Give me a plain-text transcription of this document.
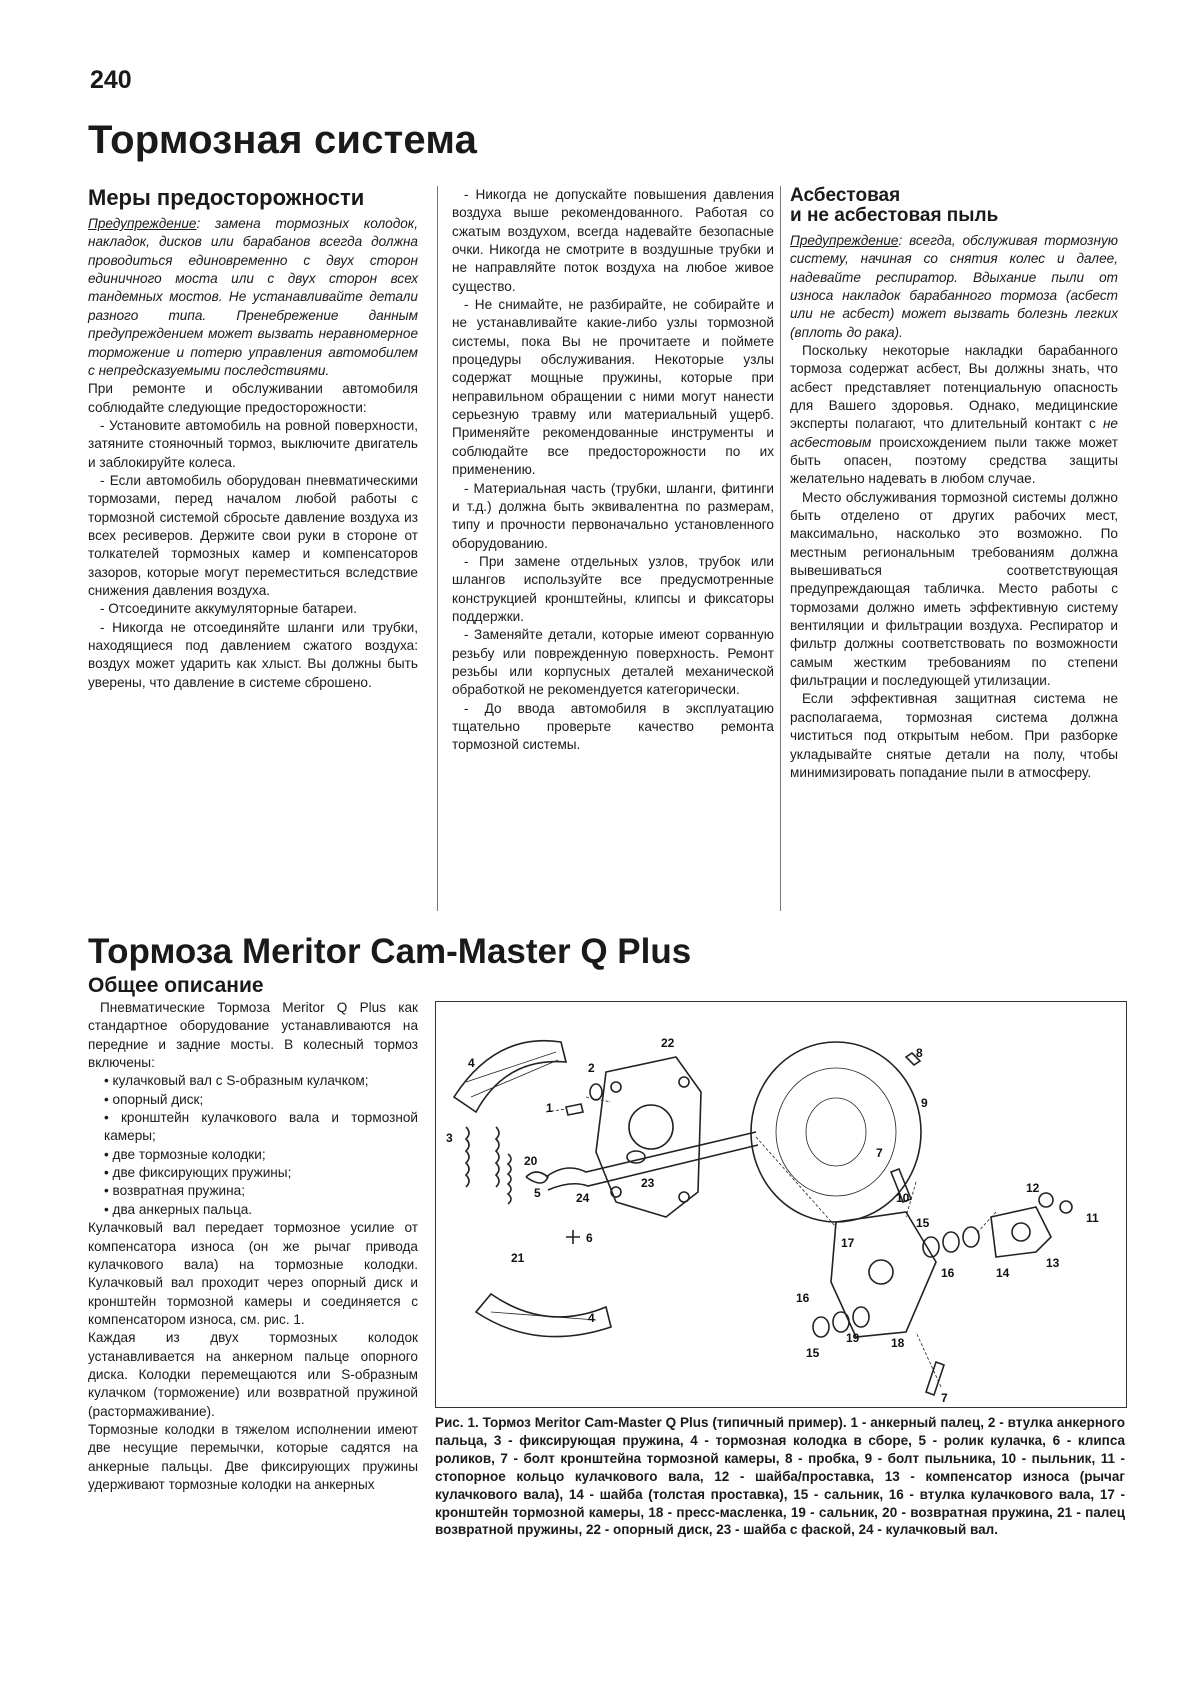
240
Тормозная система
Меры предосторожности

Предупреждение: замена тормозных колодок, накладок, дисков или барабанов всегда должна проводиться единовременно с двух сторон единичного моста или с двух сторон всех тандемных мостов. Не устанавливайте детали разного типа. Пренебрежение данным предупреждением может вызвать неравномерное торможение и потерю управления автомобилем с непредсказуемыми последствиями.

При ремонте и обслуживании автомобиля соблюдайте следующие предосторожности:

- Установите автомобиль на ровной поверхности, затяните стояночный тормоз, выключите двигатель и заблокируйте колеса.

- Если автомобиль оборудован пневматическими тормозами, перед началом любой работы с тормозной системой сбросьте давление воздуха из всех ресиверов. Держите свои руки в стороне от толкателей тормозных камер и компенсаторов зазоров, которые могут переместиться вследствие снижения давления воздуха.

- Отсоедините аккумуляторные батареи.

- Никогда не отсоединяйте шланги или трубки, находящиеся под давлением сжатого воздуха: воздух может ударить как хлыст. Вы должны быть уверены, что давление в системе сброшено.

- Никогда не допускайте повышения давления воздуха выше рекомендованного. Работая со сжатым воздухом, всегда надевайте безопасные очки. Никогда не смотрите в воздушные трубки и не направляйте поток воздуха на любое живое существо.

- Не снимайте, не разбирайте, не собирайте и не устанавливайте какие-либо узлы тормозной системы, пока Вы не прочитаете и поймете процедуры обслуживания. Некоторые узлы содержат мощные пружины, которые при неправильном обращении с ними могут нанести серьезную травму или материальный ущерб. Применяйте рекомендованные инструменты и соблюдайте все предосторожности по их применению.

- Материальная часть (трубки, шланги, фитинги и т.д.) должна быть эквивалентна по размерам, типу и прочности первоначально установленного оборудованию.

- При замене отдельных узлов, трубок или шлангов используйте все предусмотренные конструкцией кронштейны, клипсы и фиксаторы поддержки.

- Заменяйте детали, которые имеют сорванную резьбу или поврежденную поверхность. Ремонт резьбы или корпусных деталей механической обработкой не рекомендуется категорически.

- До ввода автомобиля в эксплуатацию тщательно проверьте качество ремонта тормозной системы.

Асбестовая
и не асбестовая пыль

Предупреждение: всегда, обслуживая тормозную систему, начиная со снятия колес и далее, надевайте респиратор. Вдыхание пыли от износа накладок барабанного тормоза (асбест или не асбест) может вызвать болезнь легких (вплоть до рака).

Поскольку некоторые накладки барабанного тормоза содержат асбест, Вы должны знать, что асбест представляет потенциальную опасность для Вашего здоровья. Однако, медицинские эксперты полагают, что длительный контакт с не асбестовым происхождением пыли также может быть опасен, поэтому средства защиты желательно надевать в любом случае.

Место обслуживания тормозной системы должно быть отделено от других рабочих мест, максимально, насколько это возможно. По местным региональным требованиям должна вывешиваться соответствующая предупреждающая табличка. Место работы с тормозами должно иметь эффективную систему вентиляции и фильтрации воздуха. Респиратор и фильтр должны соответствовать по возможности самым жестким требованиям по степени фильтрации и последующей утилизации.

Если эффективная защитная система не располагаема, тормозная система должна чиститься под открытым небом. При разборке укладывайте снятые детали на полу, чтобы минимизировать попадание пыли в атмосферу.

Тормоза Meritor Cam-Master Q Plus
Общее описание

Пневматические Тормоза Meritor Q Plus как стандартное оборудование устанавливаются на передние и задние мосты. В колесный тормоз включены:

• кулачковый вал с S-образным кулачком;

• опорный диск;

• кронштейн кулачкового вала и тормозной камеры;

• две тормозные колодки;

• две фиксирующих пружины;

• возвратная пружина;

• два анкерных пальца.

Кулачковый вал передает тормозное усилие от компенсатора износа (он же рычаг привода кулачкового вала) на тормозные колодки. Кулачковый вал проходит через опорный диск и кронштейн тормозной камеры и соединяется с компенсатором износа, см. рис. 1.

Каждая из двух тормозных колодок устанавливается на анкерном пальце опорного диска. Колодки перемещаются или S-образным кулачком (торможение) или возвратной пружиной (растормаживание).

Тормозные колодки в тяжелом исполнении имеют две несущие перемычки, которые садятся на анкерные пальцы. Две фиксирующих пружины удерживают тормозные колодки на анкерных

1
2
3
4
4
5
6
7
7
8
9
10
11
12
13
14
15
15
16
16
17
18
19
20
21
22
23
24
Рис. 1. Тормоз Meritor Cam-Master Q Plus (типичный пример). 1 - анкерный палец, 2 - втулка анкерного пальца, 3 - фиксирующая пружина, 4 - тормозная колодка в сборе, 5 - ролик кулачка, 6 - клипса роликов, 7 - болт кронштейна тормозной камеры, 8 - пробка, 9 - болт пыльника, 10 - пыльник, 11 - стопорное кольцо кулачкового вала, 12 - шайба/проставка, 13 - компенсатор износа (рычаг кулачкового вала), 14 - шайба (толстая проставка), 15 - сальник, 16 - втулка кулачкового вала, 17 - кронштейн тормозной камеры, 18 - пресс-масленка, 19 - сальник, 20 - возвратная пружина, 21 - палец возвратной пружины, 22 - опорный диск, 23 - шайба с фаской, 24 - кулачковый вал.
